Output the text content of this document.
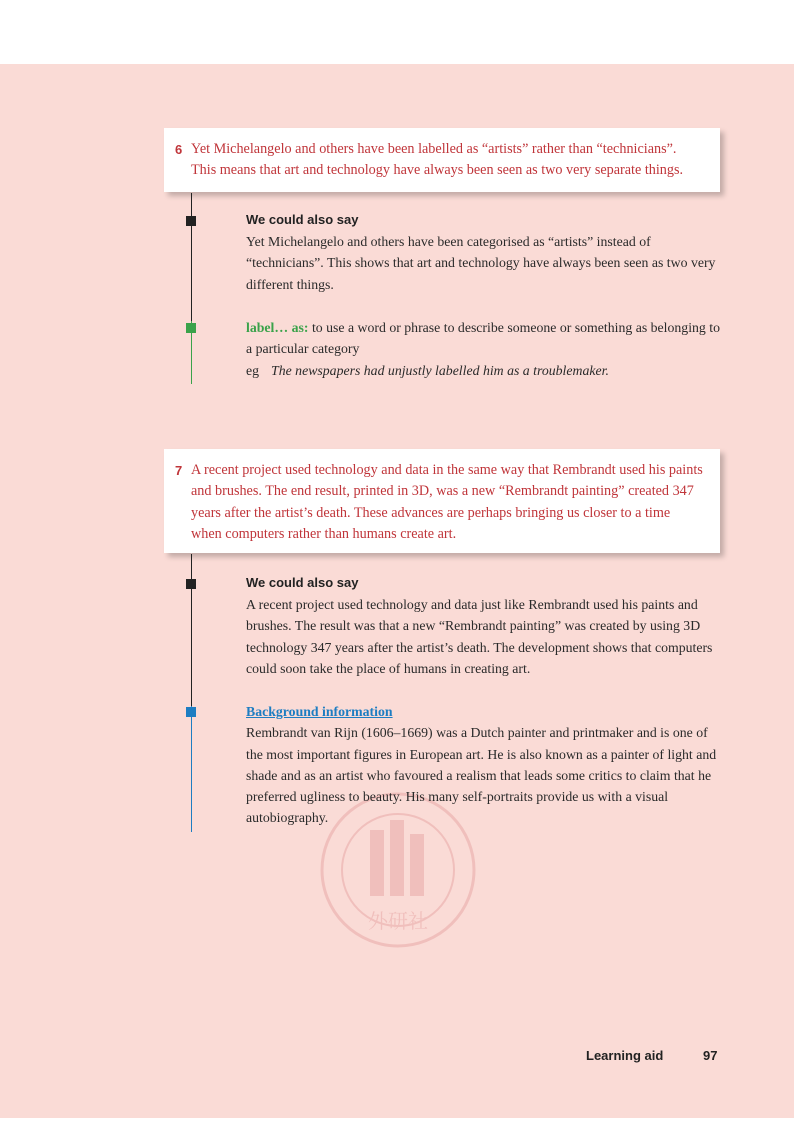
外研社
6 Yet Michelangelo and others have been labelled as “artists” rather than “technicians”. This means that art and technology have always been seen as two very separate things.
We could also say
Yet Michelangelo and others have been categorised as “artists” instead of “technicians”. This shows that art and technology have always been seen as two very different things.
label… as: to use a word or phrase to describe someone or something as belonging to a particular category
eg The newspapers had unjustly labelled him as a troublemaker.
7 A recent project used technology and data in the same way that Rembrandt used his paints and brushes. The end result, printed in 3D, was a new “Rembrandt painting” created 347 years after the artist’s death. These advances are perhaps bringing us closer to a time when computers rather than humans create art.
We could also say
A recent project used technology and data just like Rembrandt used his paints and brushes. The result was that a new “Rembrandt painting” was created by using 3D technology 347 years after the artist’s death. The development shows that computers could soon take the place of humans in creating art.
Background information
Rembrandt van Rijn (1606–1669) was a Dutch painter and printmaker and is one of the most important figures in European art. He is also known as a painter of light and shade and as an artist who favoured a realism that leads some critics to claim that he preferred ugliness to beauty. His many self-portraits provide us with a visual autobiography.
Learning aid	97
